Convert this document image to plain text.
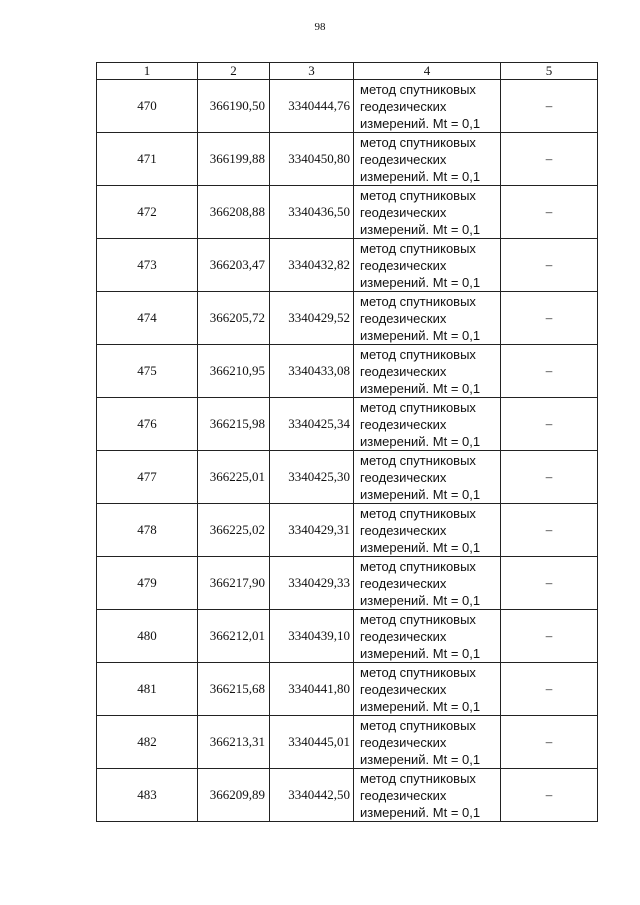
98
1	2	3	4	5
470	366190,50	3340444,76	метод спутниковых
геодезических
измерений. Mt = 0,1	–
471	366199,88	3340450,80	метод спутниковых
геодезических
измерений. Mt = 0,1	–
472	366208,88	3340436,50	метод спутниковых
геодезических
измерений. Mt = 0,1	–
473	366203,47	3340432,82	метод спутниковых
геодезических
измерений. Mt = 0,1	–
474	366205,72	3340429,52	метод спутниковых
геодезических
измерений. Mt = 0,1	–
475	366210,95	3340433,08	метод спутниковых
геодезических
измерений. Mt = 0,1	–
476	366215,98	3340425,34	метод спутниковых
геодезических
измерений. Mt = 0,1	–
477	366225,01	3340425,30	метод спутниковых
геодезических
измерений. Mt = 0,1	–
478	366225,02	3340429,31	метод спутниковых
геодезических
измерений. Mt = 0,1	–
479	366217,90	3340429,33	метод спутниковых
геодезических
измерений. Mt = 0,1	–
480	366212,01	3340439,10	метод спутниковых
геодезических
измерений. Mt = 0,1	–
481	366215,68	3340441,80	метод спутниковых
геодезических
измерений. Mt = 0,1	–
482	366213,31	3340445,01	метод спутниковых
геодезических
измерений. Mt = 0,1	–
483	366209,89	3340442,50	метод спутниковых
геодезических
измерений. Mt = 0,1	–
